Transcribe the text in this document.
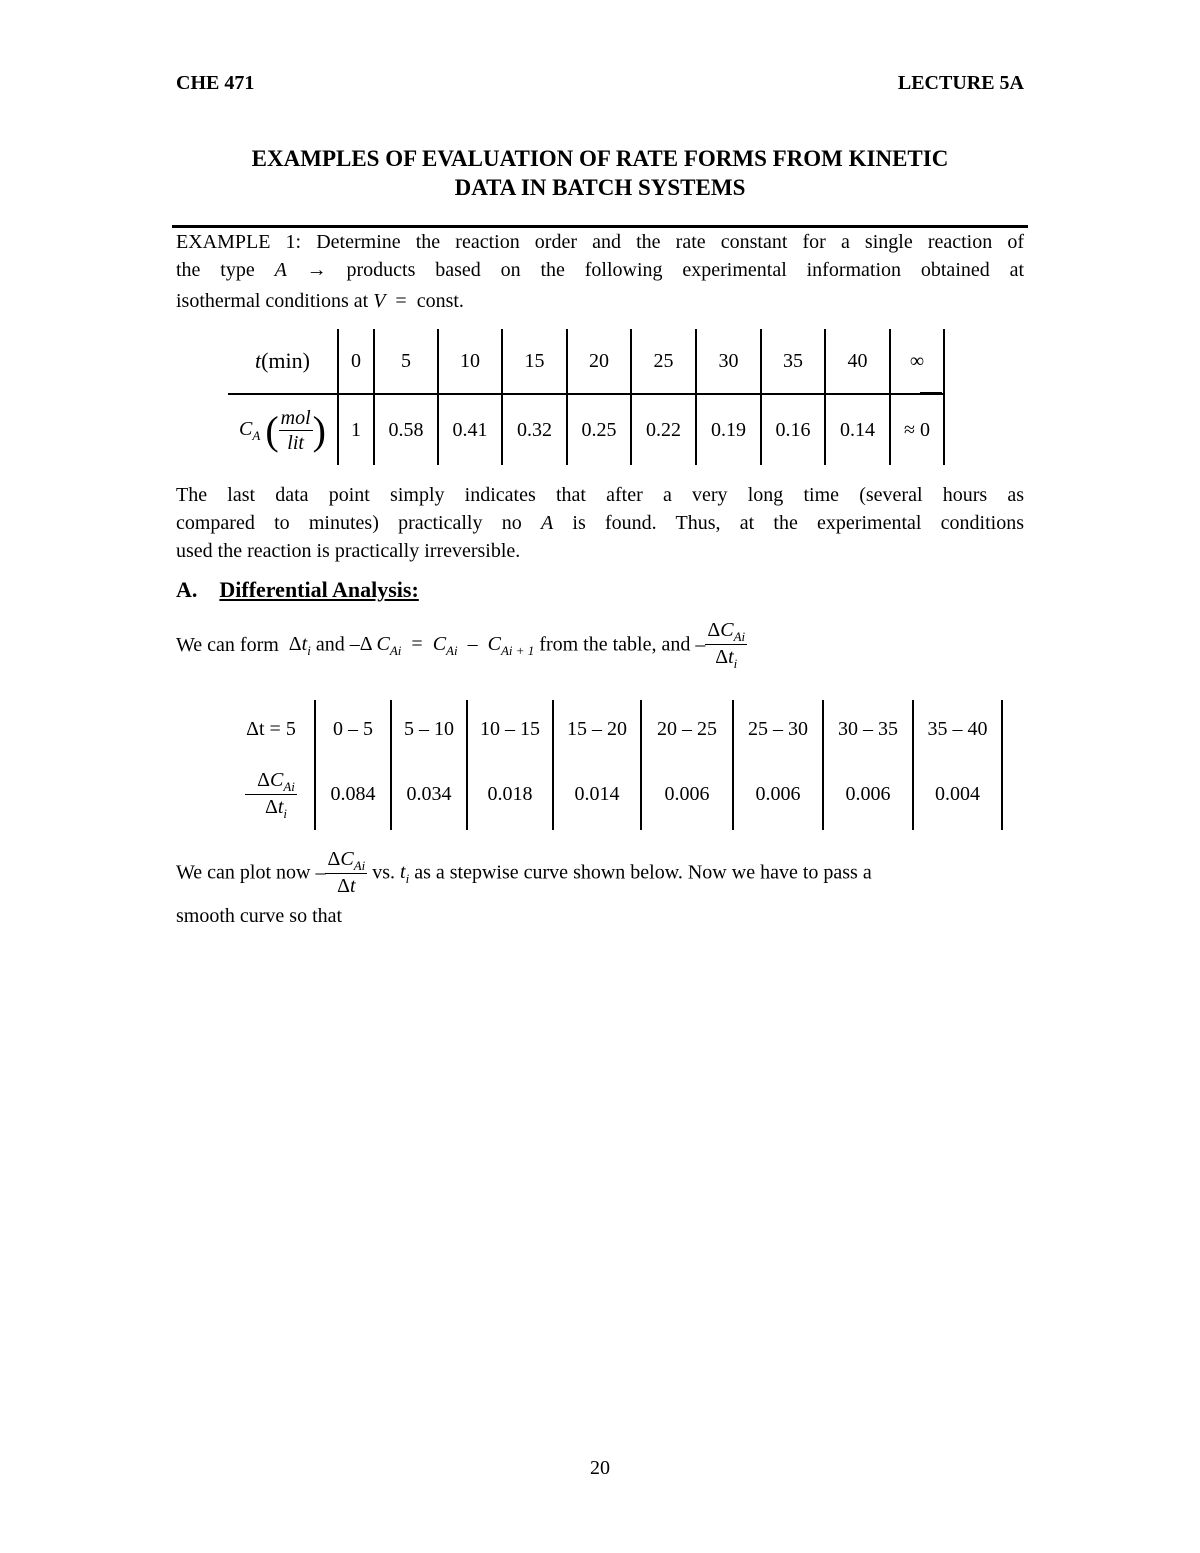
CHE 471	LECTURE 5A
EXAMPLES OF EVALUATION OF RATE FORMS FROM KINETIC
DATA IN BATCH SYSTEMS
EXAMPLE 1: Determine the reaction order and the rate constant for a single reaction of
the type A → products based on the following experimental information obtained at
isothermal conditions at V  =  const.
t(min)	0	5	10	15	20	25	30	35	40	∞
$C_A$ ( $\frac{\text{mol}}{\text{lit}}$ )	1	0.58	0.41	0.32	0.25	0.22	0.19	0.16	0.14	≈ 0
The last data point simply indicates that after a very long time (several hours as
compared to minutes) practically no A is found. Thus, at the experimental conditions
used the reaction is practically irreversible.
A. Differential Analysis:
We can form  $\Delta t_i$ and –Δ $C_{Ai} = C_{Ai} - C_{Ai + 1}$ from the table, and – $\frac{\Delta C_{Ai}}{\Delta t_i}$
Δt = 5	0 – 5	5 – 10	10 – 15	15 – 20	20 – 25	25 – 30	30 – 35	35 – 40
– $\frac{\Delta C_{Ai}}{\Delta t_i}$	0.084	0.034	0.018	0.014	0.006	0.006	0.006	0.004
We can plot now – $\frac{\Delta C_{Ai}}{\Delta t}$ vs. $t_i$ as a stepwise curve shown below. Now we have to pass a
smooth curve so that
20
